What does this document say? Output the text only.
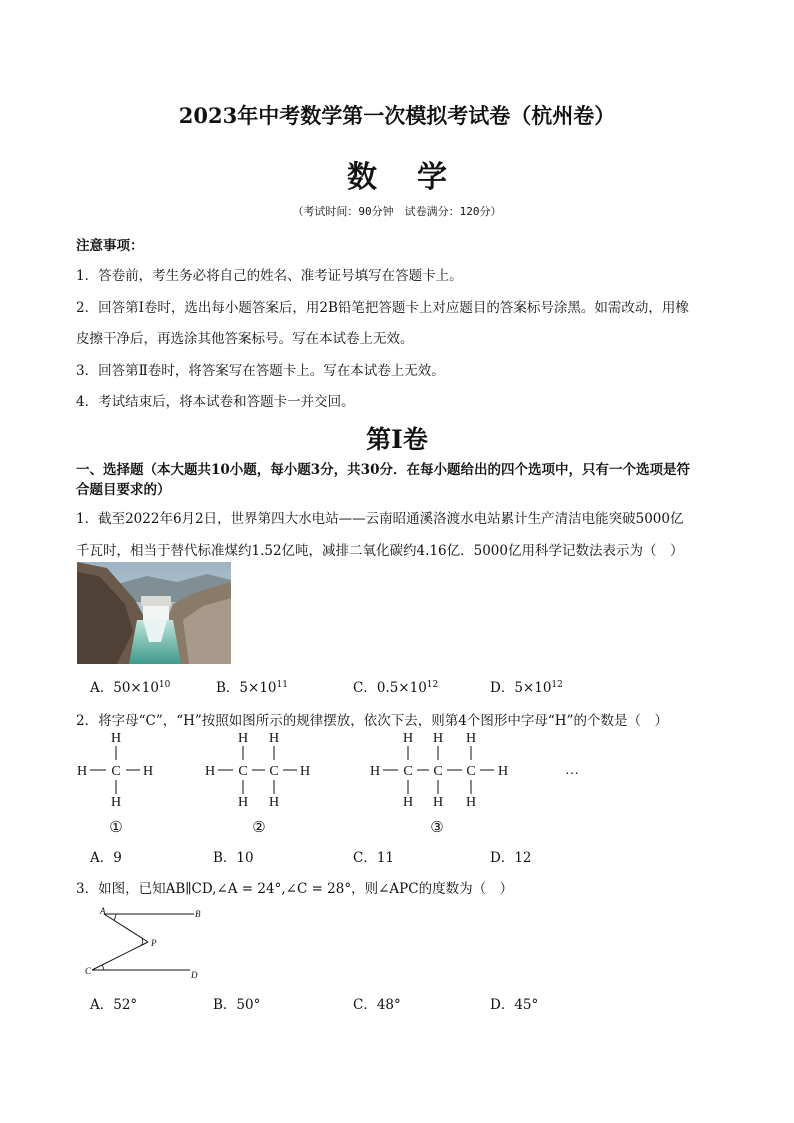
2023年中考数学第一次模拟考试卷（杭州卷）
数学
（考试时间：90分钟　试卷满分：120分）
注意事项：
1．答卷前，考生务必将自己的姓名、准考证号填写在答题卡上。
2．回答第Ⅰ卷时，选出每小题答案后，用2B铅笔把答题卡上对应题目的答案标号涂黑。如需改动，用橡
皮擦干净后，再选涂其他答案标号。写在本试卷上无效。
3．回答第Ⅱ卷时，将答案写在答题卡上。写在本试卷上无效。
4．考试结束后，将本试卷和答题卡一并交回。
第Ⅰ卷
一、选择题（本大题共10小题，每小题3分，共30分．在每小题给出的四个选项中，只有一个选项是符
合题目要求的）
1．截至2022年6月2日，世界第四大水电站——云南昭通溪洛渡水电站累计生产清洁电能突破5000亿
千瓦时，相当于替代标准煤约1.52亿吨，减排二氧化碳约4.16亿．5000亿用科学记数法表示为（　）
A．$50\times 10^{10}$	B．$5\times 10^{11}$	C．$0.5\times 10^{12}$	D．$5\times 10^{12}$
2．将字母“C”，“H”按照如图所示的规律摆放，依次下去，则第4个图形中字母“H”的个数是（　）
H
H C H
H
①
H H
H C C H
H H
②
H H H
H C C C H
H H H
③
…
A．9	B．10	C．11	D．12
3．如图，已知AB∥CD,∠A = 24°,∠C = 28°，则∠APC的度数为（　）
A	B
C	D
P
A．52°	B．50°	C．48°	D．45°
